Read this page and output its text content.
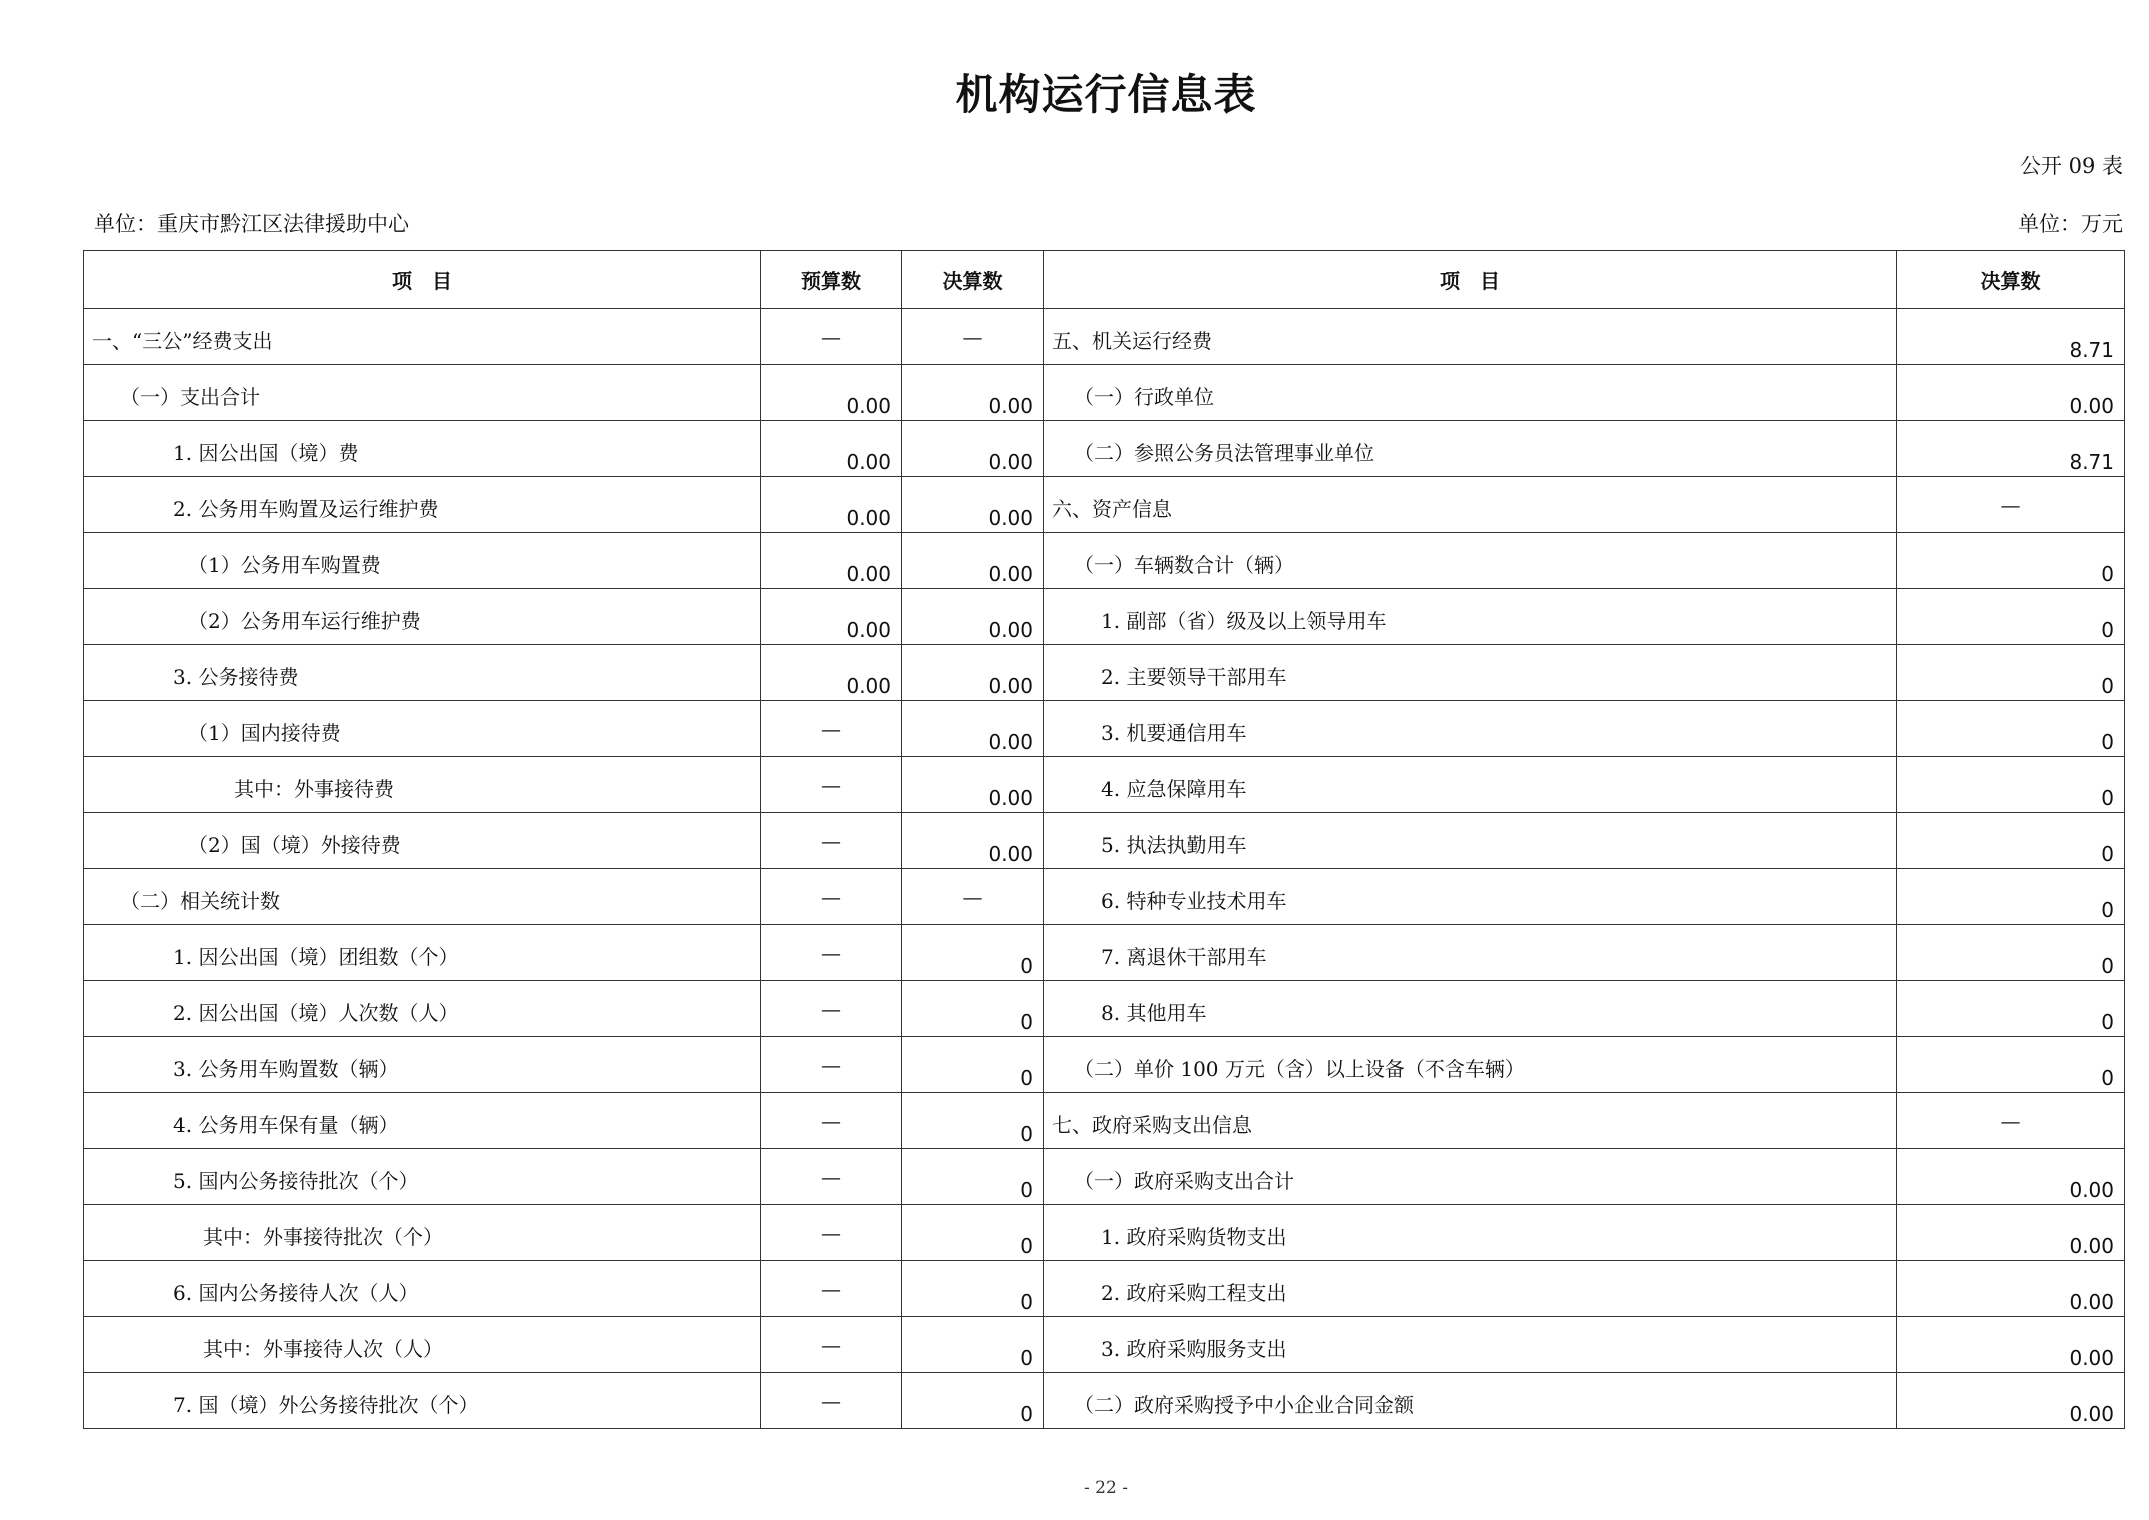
机构运行信息表
公开 09 表
单位：重庆市黔江区法律援助中心	单位：万元
项　目	预算数	决算数	项　目	决算数
一、“三公”经费支出	—	—	五、机关运行经费	8.71
（一）支出合计	0.00	0.00	（一）行政单位	0.00
1. 因公出国（境）费	0.00	0.00	（二）参照公务员法管理事业单位	8.71
2. 公务用车购置及运行维护费	0.00	0.00	六、资产信息	—
（1）公务用车购置费	0.00	0.00	（一）车辆数合计（辆）	0
（2）公务用车运行维护费	0.00	0.00	1. 副部（省）级及以上领导用车	0
3. 公务接待费	0.00	0.00	2. 主要领导干部用车	0
（1）国内接待费	—	0.00	3. 机要通信用车	0
其中：外事接待费	—	0.00	4. 应急保障用车	0
（2）国（境）外接待费	—	0.00	5. 执法执勤用车	0
（二）相关统计数	—	—	6. 特种专业技术用车	0
1. 因公出国（境）团组数（个）	—	0	7. 离退休干部用车	0
2. 因公出国（境）人次数（人）	—	0	8. 其他用车	0
3. 公务用车购置数（辆）	—	0	（二）单价 100 万元（含）以上设备（不含车辆）	0
4. 公务用车保有量（辆）	—	0	七、政府采购支出信息	—
5. 国内公务接待批次（个）	—	0	（一）政府采购支出合计	0.00
其中：外事接待批次（个）	—	0	1. 政府采购货物支出	0.00
6. 国内公务接待人次（人）	—	0	2. 政府采购工程支出	0.00
其中：外事接待人次（人）	—	0	3. 政府采购服务支出	0.00
7. 国（境）外公务接待批次（个）	—	0	（二）政府采购授予中小企业合同金额	0.00
- 22 -
